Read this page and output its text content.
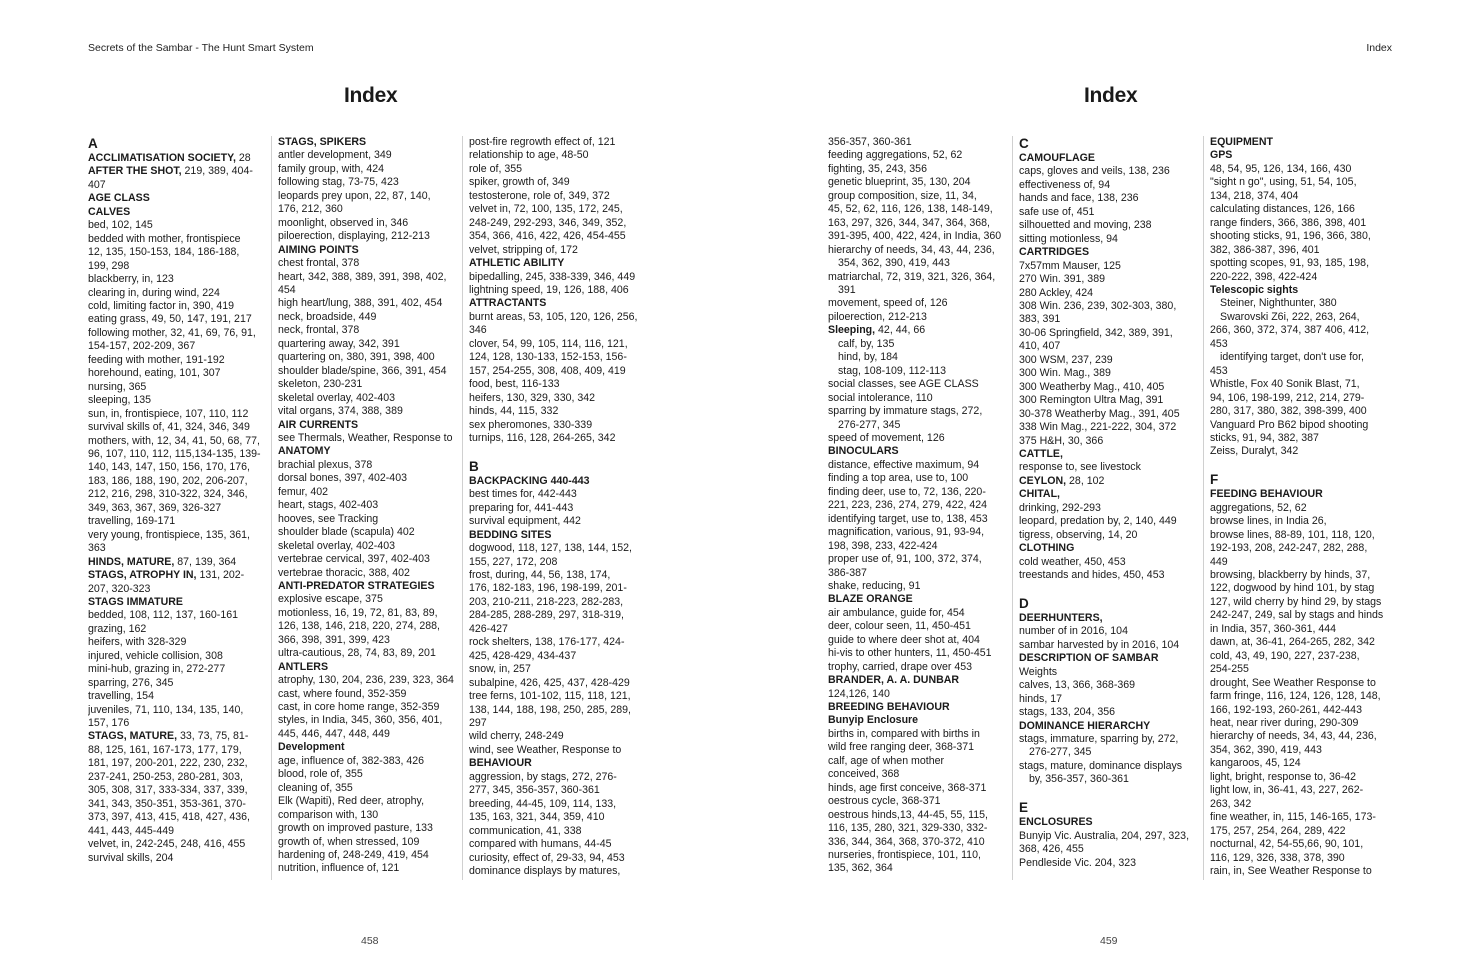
Secrets of the Sambar - The Hunt Smart System	Index
Index	Index
A
ACCLIMATISATION SOCIETY, 28
AFTER THE SHOT, 219, 389, 404-
407
AGE CLASS
CALVES
bed, 102, 145
bedded with mother, frontispiece
12, 135, 150-153, 184, 186-188,
199, 298
blackberry, in, 123
clearing in, during wind, 224
cold, limiting factor in, 390, 419
eating grass, 49, 50, 147, 191, 217
following mother, 32, 41, 69, 76, 91,
154-157, 202-209, 367
feeding with mother, 191-192
horehound, eating, 101, 307
nursing, 365
sleeping, 135
sun, in, frontispiece, 107, 110, 112
survival skills of, 41, 324, 346, 349
mothers, with, 12, 34, 41, 50, 68, 77,
96, 107, 110, 112, 115,134-135, 139-
140, 143, 147, 150, 156, 170, 176,
183, 186, 188, 190, 202, 206-207,
212, 216, 298, 310-322, 324, 346,
349, 363, 367, 369, 326-327
travelling, 169-171
very young, frontispiece, 135, 361,
363
HINDS, MATURE, 87, 139, 364
STAGS, ATROPHY IN, 131, 202-
207, 320-323
STAGS IMMATURE
bedded, 108, 112, 137, 160-161
grazing, 162
heifers, with 328-329
injured, vehicle collision, 308
mini-hub, grazing in, 272-277
sparring, 276, 345
travelling, 154
juveniles, 71, 110, 134, 135, 140,
157, 176
STAGS, MATURE, 33, 73, 75, 81-
88, 125, 161, 167-173, 177, 179,
181, 197, 200-201, 222, 230, 232,
237-241, 250-253, 280-281, 303,
305, 308, 317, 333-334, 337, 339,
341, 343, 350-351, 353-361, 370-
373, 397, 413, 415, 418, 427, 436,
441, 443, 445-449
velvet, in, 242-245, 248, 416, 455
survival skills, 204
STAGS, SPIKERS
antler development, 349
family group, with, 424
following stag, 73-75, 423
leopards prey upon, 22, 87, 140,
176, 212, 360
moonlight, observed in, 346
piloerection, displaying, 212-213
AIMING POINTS
chest frontal, 378
heart, 342, 388, 389, 391, 398, 402,
454
high heart/lung, 388, 391, 402, 454
neck, broadside, 449
neck, frontal, 378
quartering away, 342, 391
quartering on, 380, 391, 398, 400
shoulder blade/spine, 366, 391, 454
skeleton, 230-231
skeletal overlay, 402-403
vital organs, 374, 388, 389
AIR CURRENTS
see Thermals, Weather, Response to
ANATOMY
brachial plexus, 378
dorsal bones, 397, 402-403
femur, 402
heart, stags, 402-403
hooves, see Tracking
shoulder blade (scapula) 402
skeletal overlay, 402-403
vertebrae cervical, 397, 402-403
vertebrae thoracic, 388, 402
ANTI-PREDATOR STRATEGIES
explosive escape, 375
motionless, 16, 19, 72, 81, 83, 89,
126, 138, 146, 218, 220, 274, 288,
366, 398, 391, 399, 423
ultra-cautious, 28, 74, 83, 89, 201
ANTLERS
atrophy, 130, 204, 236, 239, 323, 364
cast, where found, 352-359
cast, in core home range, 352-359
styles, in India, 345, 360, 356, 401,
445, 446, 447, 448, 449
Development
age, influence of, 382-383, 426
blood, role of, 355
cleaning of, 355
Elk (Wapiti), Red deer, atrophy,
comparison with, 130
growth on improved pasture, 133
growth of, when stressed, 109
hardening of, 248-249, 419, 454
nutrition, influence of, 121
post-fire regrowth effect of, 121
relationship to age, 48-50
role of, 355
spiker, growth of, 349
testosterone, role of, 349, 372
velvet in, 72, 100, 135, 172, 245,
248-249, 292-293, 346, 349, 352,
354, 366, 416, 422, 426, 454-455
velvet, stripping of, 172
ATHLETIC ABILITY
bipedalling, 245, 338-339, 346, 449
lightning speed, 19, 126, 188, 406
ATTRACTANTS
burnt areas, 53, 105, 120, 126, 256,
346
clover, 54, 99, 105, 114, 116, 121,
124, 128, 130-133, 152-153, 156-
157, 254-255, 308, 408, 409, 419
food, best, 116-133
heifers, 130, 329, 330, 342
hinds, 44, 115, 332
sex pheromones, 330-339
turnips, 116, 128, 264-265, 342
B
BACKPACKING 440-443
best times for, 442-443
preparing for, 441-443
survival equipment, 442
BEDDING SITES
dogwood, 118, 127, 138, 144, 152,
155, 227, 172, 208
frost, during, 44, 56, 138, 174,
176, 182-183, 196, 198-199, 201-
203, 210-211, 218-223, 282-283,
284-285, 288-289, 297, 318-319,
426-427
rock shelters, 138, 176-177, 424-
425, 428-429, 434-437
snow, in, 257
subalpine, 426, 425, 437, 428-429
tree ferns, 101-102, 115, 118, 121,
138, 144, 188, 198, 250, 285, 289,
297
wild cherry, 248-249
wind, see Weather, Response to
BEHAVIOUR
aggression, by stags, 272, 276-
277, 345, 356-357, 360-361
breeding, 44-45, 109, 114, 133,
135, 163, 321, 344, 359, 410
communication, 41, 338
compared with humans, 44-45
curiosity, effect of, 29-33, 94, 453
dominance displays by matures,
356-357, 360-361
feeding aggregations, 52, 62
fighting, 35, 243, 356
genetic blueprint, 35, 130, 204
group composition, size, 11, 34,
45, 52, 62, 116, 126, 138, 148-149,
163, 297, 326, 344, 347, 364, 368,
391-395, 400, 422, 424, in India, 360
hierarchy of needs, 34, 43, 44, 236,
354, 362, 390, 419, 443
matriarchal, 72, 319, 321, 326, 364,
391
movement, speed of, 126
piloerection, 212-213
Sleeping, 42, 44, 66
calf, by, 135
hind, by, 184
stag, 108-109, 112-113
social classes, see AGE CLASS
social intolerance, 110
sparring by immature stags, 272,
276-277, 345
speed of movement, 126
BINOCULARS
distance, effective maximum, 94
finding a top area, use to, 100
finding deer, use to, 72, 136, 220-
221, 223, 236, 274, 279, 422, 424
identifying target, use to, 138, 453
magnification, various, 91, 93-94,
198, 398, 233, 422-424
proper use of, 91, 100, 372, 374,
386-387
shake, reducing, 91
BLAZE ORANGE
air ambulance, guide for, 454
deer, colour seen, 11, 450-451
guide to where deer shot at, 404
hi-vis to other hunters, 11, 450-451
trophy, carried, drape over 453
BRANDER, A. A. DUNBAR
124,126, 140
BREEDING BEHAVIOUR
Bunyip Enclosure
births in, compared with births in
wild free ranging deer, 368-371
calf, age of when mother
conceived, 368
hinds, age first conceive, 368-371
oestrous cycle, 368-371
oestrous hinds,13, 44-45, 55, 115,
116, 135, 280, 321, 329-330, 332-
336, 344, 364, 368, 370-372, 410
nurseries, frontispiece, 101, 110,
135, 362, 364
C
CAMOUFLAGE
caps, gloves and veils, 138, 236
effectiveness of, 94
hands and face, 138, 236
safe use of, 451
silhouetted and moving, 238
sitting motionless, 94
CARTRIDGES
7x57mm Mauser, 125
270 Win. 391, 389
280 Ackley, 424
308 Win. 236, 239, 302-303, 380,
383, 391
30-06 Springfield, 342, 389, 391,
410, 407
300 WSM, 237, 239
300 Win. Mag., 389
300 Weatherby Mag., 410, 405
300 Remington Ultra Mag, 391
30-378 Weatherby Mag., 391, 405
338 Win Mag., 221-222, 304, 372
375 H&H, 30, 366
CATTLE,
response to, see livestock
CEYLON, 28, 102
CHITAL,
drinking, 292-293
leopard, predation by, 2, 140, 449
tigress, observing, 14, 20
CLOTHING
cold weather, 450, 453
treestands and hides, 450, 453
D
DEERHUNTERS,
number of in 2016, 104
sambar harvested by in 2016, 104
DESCRIPTION OF SAMBAR
Weights
calves, 13, 366, 368-369
hinds, 17
stags, 133, 204, 356
DOMINANCE HIERARCHY
stags, immature, sparring by, 272,
276-277, 345
stags, mature, dominance displays
by, 356-357, 360-361
E
ENCLOSURES
Bunyip Vic. Australia, 204, 297, 323,
368, 426, 455
Pendleside Vic. 204, 323
EQUIPMENT
GPS
48, 54, 95, 126, 134, 166, 430
"sight n go", using, 51, 54, 105,
134, 218, 374, 404
calculating distances, 126, 166
range finders, 366, 386, 398, 401
shooting sticks, 91, 196, 366, 380,
382, 386-387, 396, 401
spotting scopes, 91, 93, 185, 198,
220-222, 398, 422-424
Telescopic sights
Steiner, Nighthunter, 380
Swarovski Z6i, 222, 263, 264,
266, 360, 372, 374, 387 406, 412,
453
identifying target, don't use for,
453
Whistle, Fox 40 Sonik Blast, 71,
94, 106, 198-199, 212, 214, 279-
280, 317, 380, 382, 398-399, 400
Vanguard Pro B62 bipod shooting
sticks, 91, 94, 382, 387
Zeiss, Duralyt, 342
F
FEEDING BEHAVIOUR
aggregations, 52, 62
browse lines, in India 26,
browse lines, 88-89, 101, 118, 120,
192-193, 208, 242-247, 282, 288,
449
browsing, blackberry by hinds, 37,
122, dogwood by hind 101, by stag
127, wild cherry by hind 29, by stags
242-247, 249, sal by stags and hinds
in India, 357, 360-361, 444
dawn, at, 36-41, 264-265, 282, 342
cold, 43, 49, 190, 227, 237-238,
254-255
drought, See Weather Response to
farm fringe, 116, 124, 126, 128, 148,
166, 192-193, 260-261, 442-443
heat, near river during, 290-309
hierarchy of needs, 34, 43, 44, 236,
354, 362, 390, 419, 443
kangaroos, 45, 124
light, bright, response to, 36-42
light low, in, 36-41, 43, 227, 262-
263, 342
fine weather, in, 115, 146-165, 173-
175, 257, 254, 264, 289, 422
nocturnal, 42, 54-55,66, 90, 101,
116, 129, 326, 338, 378, 390
rain, in, See Weather Response to
458	459
